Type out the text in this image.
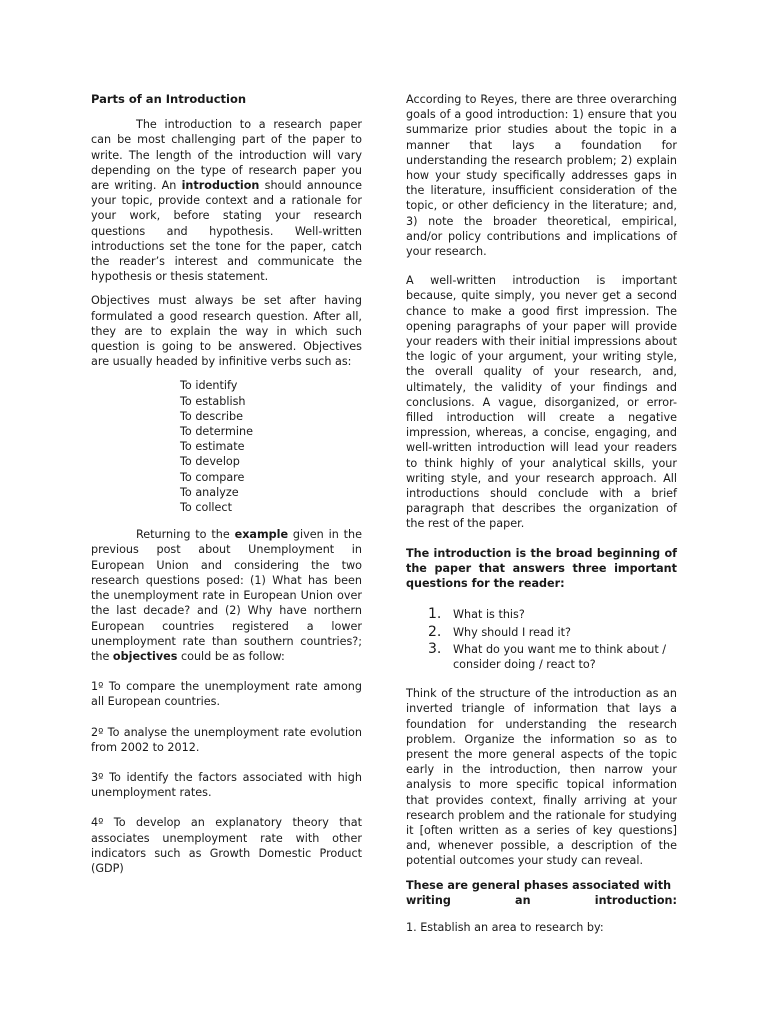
Parts of an Introduction

The introduction to a research paper can be most challenging part of the paper to write. The length of the introduction will vary depending on the type of research paper you are writing. An introduction should announce your topic, provide context and a rationale for your work, before stating your research questions and hypothesis. Well-written introductions set the tone for the paper, catch the reader’s interest and communicate the hypothesis or thesis statement.

Objectives must always be set after having formulated a good research question. After all, they are to explain the way in which such question is going to be answered. Objectives are usually headed by infinitive verbs such as:

To identify
To establish
To describe
To determine
To estimate
To develop
To compare
To analyze
To collect

Returning to the example given in the previous post about Unemployment in European Union and considering the two research questions posed: (1) What has been the unemployment rate in European Union over the last decade? and (2) Why have northern European countries registered a lower unemployment rate than southern countries?; the objectives could be as follow:

1º To compare the unemployment rate among all European countries.

2º To analyse the unemployment rate evolution from 2002 to 2012.

3º To identify the factors associated with high unemployment rates.

4º To develop an explanatory theory that associates unemployment rate with other indicators such as Growth Domestic Product (GDP)

According to Reyes, there are three overarching goals of a good introduction: 1) ensure that you summarize prior studies about the topic in a manner that lays a foundation for understanding the research problem; 2) explain how your study specifically addresses gaps in the literature, insufficient consideration of the topic, or other deficiency in the literature; and, 3) note the broader theoretical, empirical, and/or policy contributions and implications of your research.

A well-written introduction is important because, quite simply, you never get a second chance to make a good first impression. The opening paragraphs of your paper will provide your readers with their initial impressions about the logic of your argument, your writing style, the overall quality of your research, and, ultimately, the validity of your findings and conclusions. A vague, disorganized, or error-filled introduction will create a negative impression, whereas, a concise, engaging, and well-written introduction will lead your readers to think highly of your analytical skills, your writing style, and your research approach. All introductions should conclude with a brief paragraph that describes the organization of the rest of the paper.

The introduction is the broad beginning of the paper that answers three important questions for the reader:

1.	What is this?
2.	Why should I read it?
3.	What do you want me to think about / consider doing / react to?

Think of the structure of the introduction as an inverted triangle of information that lays a foundation for understanding the research problem. Organize the information so as to present the more general aspects of the topic early in the introduction, then narrow your analysis to more specific topical information that provides context, finally arriving at your research problem and the rationale for studying it [often written as a series of key questions] and, whenever possible, a description of the potential outcomes your study can reveal.

These are general phases associated with
writing	an	introduction:

1. Establish an area to research by:
